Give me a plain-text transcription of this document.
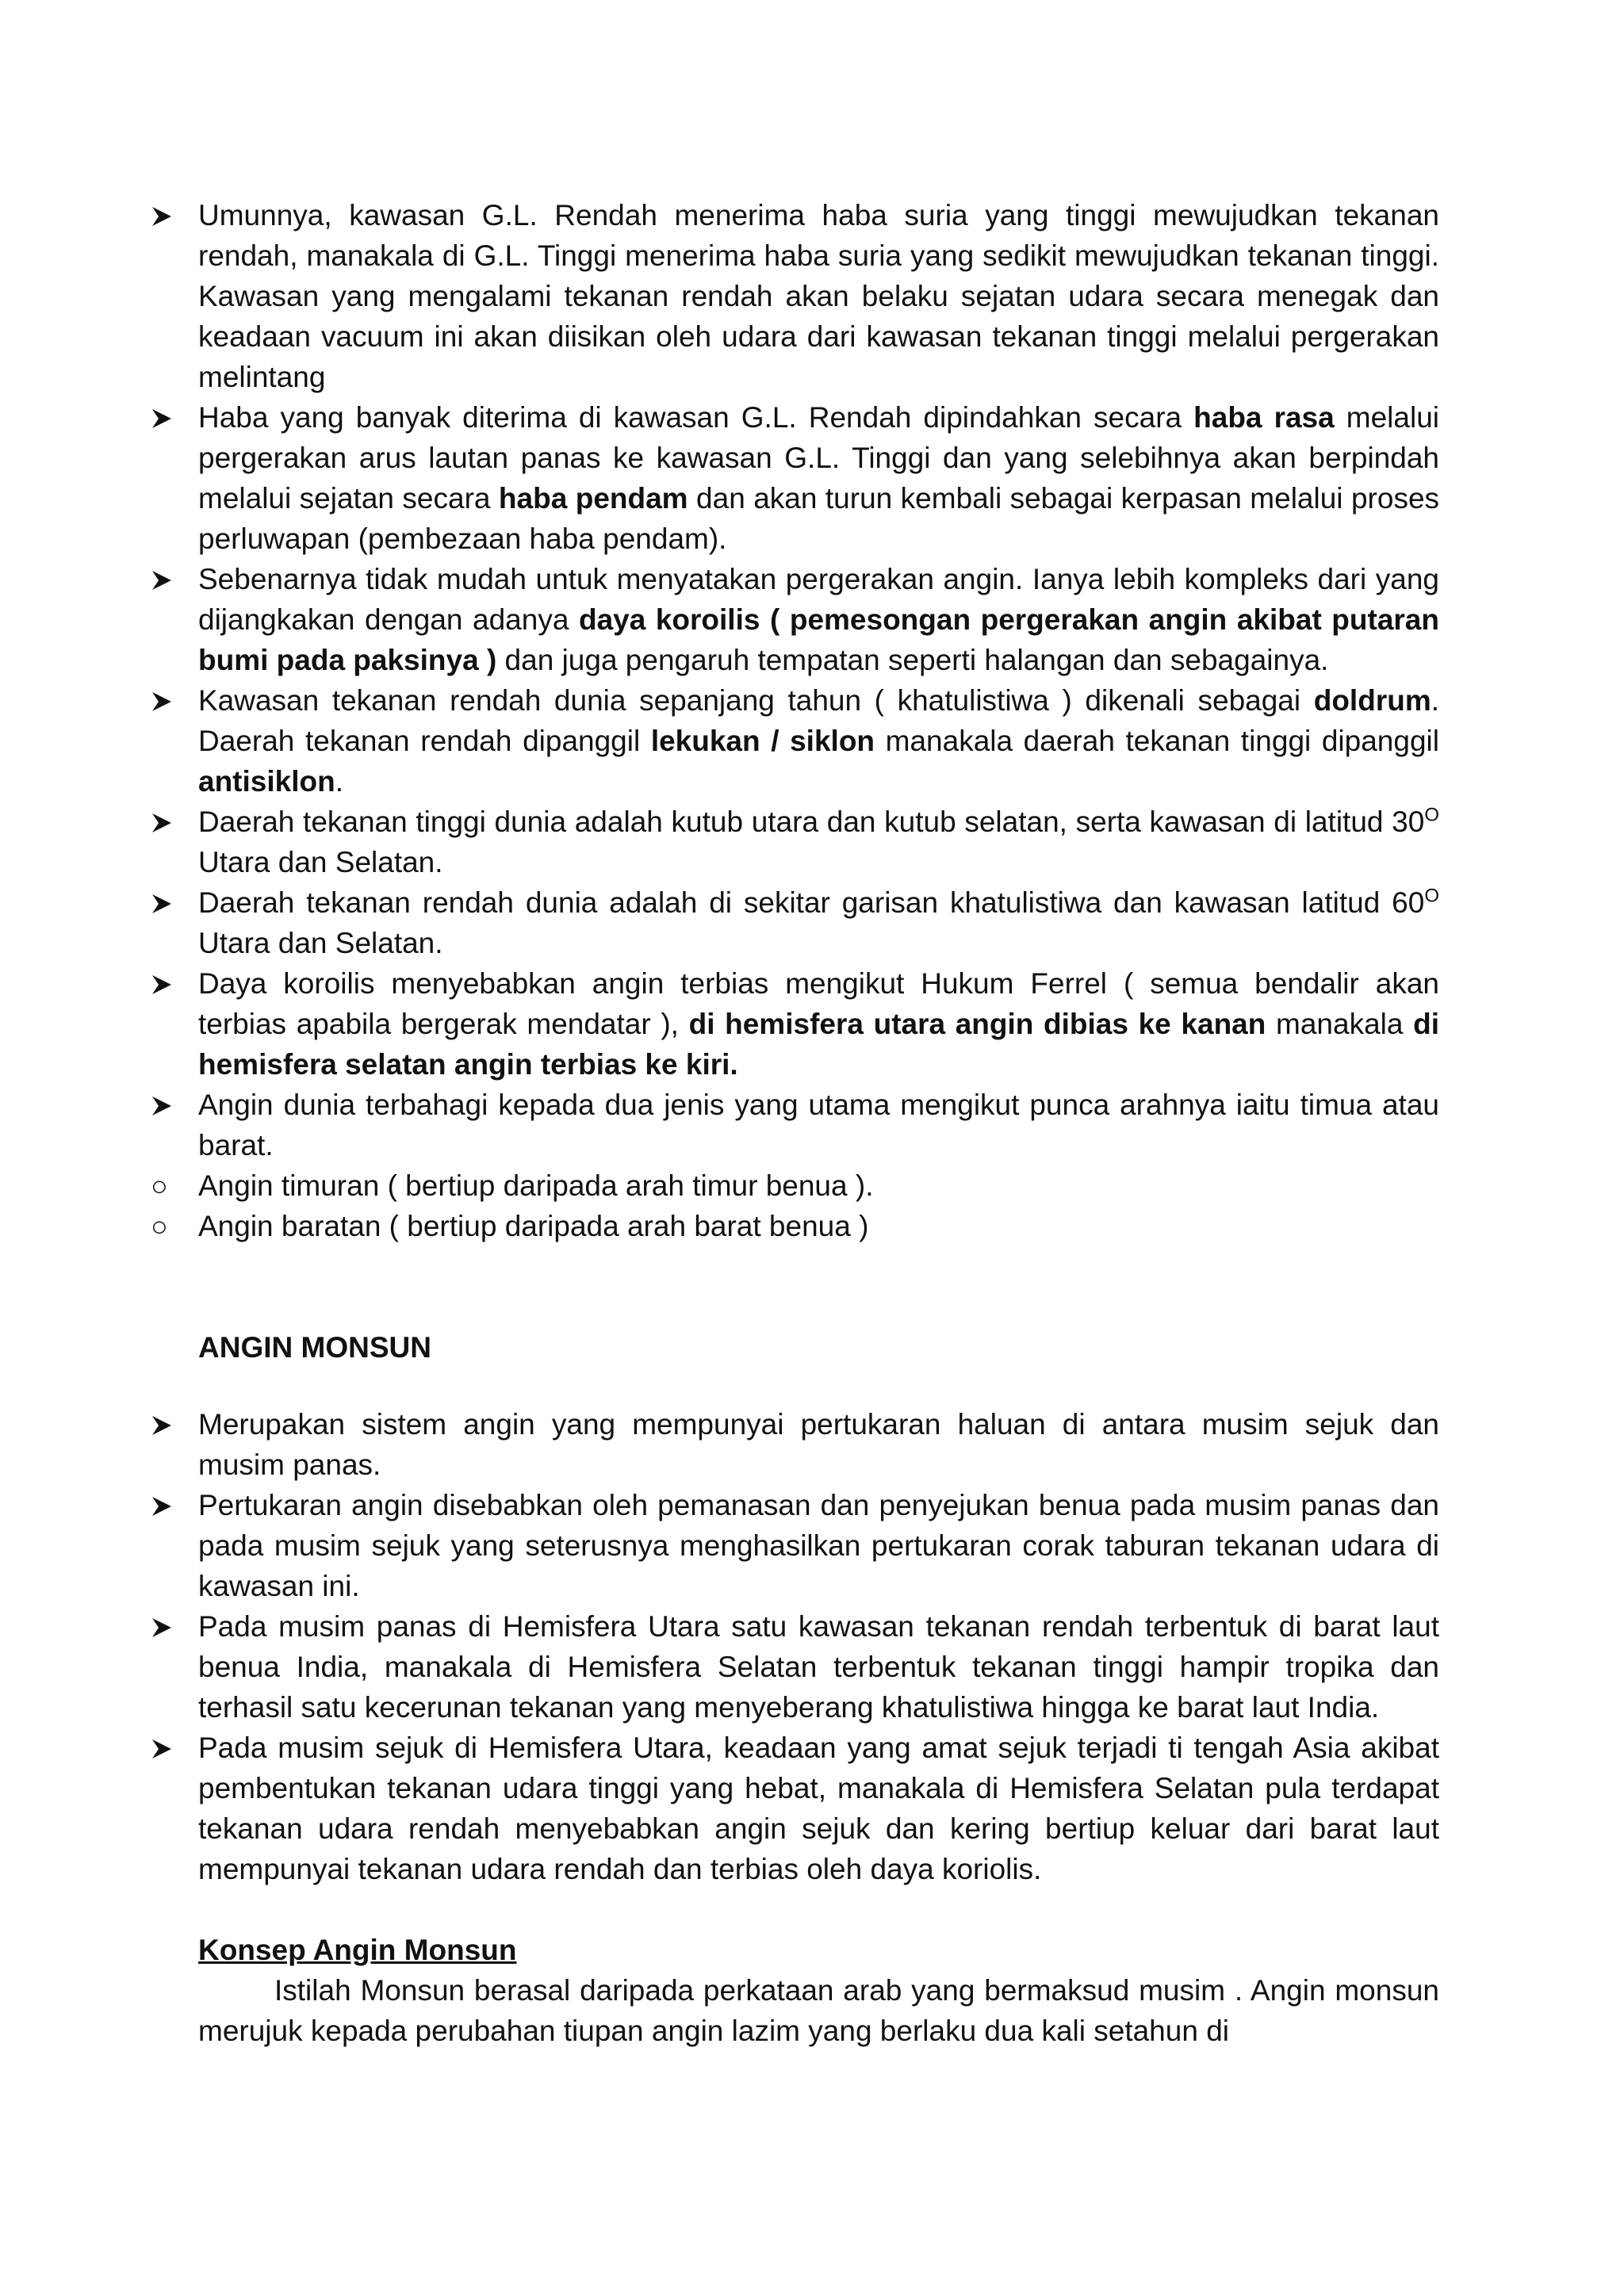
Umunnya, kawasan G.L. Rendah menerima haba suria yang tinggi mewujudkan tekanan rendah, manakala di G.L. Tinggi menerima haba suria yang sedikit mewujudkan tekanan tinggi. Kawasan yang mengalami tekanan rendah akan belaku sejatan udara secara menegak dan keadaan vacuum ini akan diisikan oleh udara dari kawasan tekanan tinggi melalui pergerakan melintang
Haba yang banyak diterima di kawasan G.L. Rendah dipindahkan secara haba rasa melalui pergerakan arus lautan panas ke kawasan G.L. Tinggi dan yang selebihnya akan berpindah melalui sejatan secara haba pendam dan akan turun kembali sebagai kerpasan melalui proses perluwapan (pembezaan haba pendam).
Sebenarnya tidak mudah untuk menyatakan pergerakan angin. Ianya lebih kompleks dari yang dijangkakan dengan adanya daya koroilis ( pemesongan pergerakan angin akibat putaran bumi pada paksinya ) dan juga pengaruh tempatan seperti halangan dan sebagainya.
Kawasan tekanan rendah dunia sepanjang tahun ( khatulistiwa ) dikenali sebagai doldrum. Daerah tekanan rendah dipanggil lekukan / siklon manakala daerah tekanan tinggi dipanggil antisiklon.
Daerah tekanan tinggi dunia adalah kutub utara dan kutub selatan, serta kawasan di latitud $30^O$ Utara dan Selatan.
Daerah tekanan rendah dunia adalah di sekitar garisan khatulistiwa dan kawasan latitud $60^O$ Utara dan Selatan.
Daya koroilis menyebabkan angin terbias mengikut Hukum Ferrel ( semua bendalir akan terbias apabila bergerak mendatar ), di hemisfera utara angin dibias ke kanan manakala di hemisfera selatan angin terbias ke kiri.
Angin dunia terbahagi kepada dua jenis yang utama mengikut punca arahnya iaitu timua atau barat.
○	Angin timuran ( bertiup daripada arah timur benua ).
○	Angin baratan ( bertiup daripada arah barat benua )
ANGIN MONSUN
Merupakan sistem angin yang mempunyai pertukaran haluan di antara musim sejuk dan musim panas.
Pertukaran angin disebabkan oleh pemanasan dan penyejukan benua pada musim panas dan pada musim sejuk yang seterusnya menghasilkan pertukaran corak taburan tekanan udara di kawasan ini.
Pada musim panas di Hemisfera Utara satu kawasan tekanan rendah terbentuk di barat laut benua India, manakala di Hemisfera Selatan terbentuk tekanan tinggi hampir tropika dan terhasil satu kecerunan tekanan yang menyeberang khatulistiwa hingga ke barat laut India.
Pada musim sejuk di Hemisfera Utara, keadaan yang amat sejuk terjadi ti tengah Asia akibat pembentukan tekanan udara tinggi yang hebat, manakala di Hemisfera Selatan pula terdapat tekanan udara rendah menyebabkan angin sejuk dan kering bertiup keluar dari barat laut mempunyai tekanan udara rendah dan terbias oleh daya koriolis.
Konsep Angin Monsun
Istilah Monsun berasal daripada perkataan arab yang bermaksud musim . Angin monsun merujuk kepada perubahan tiupan angin lazim yang berlaku dua kali setahun di
